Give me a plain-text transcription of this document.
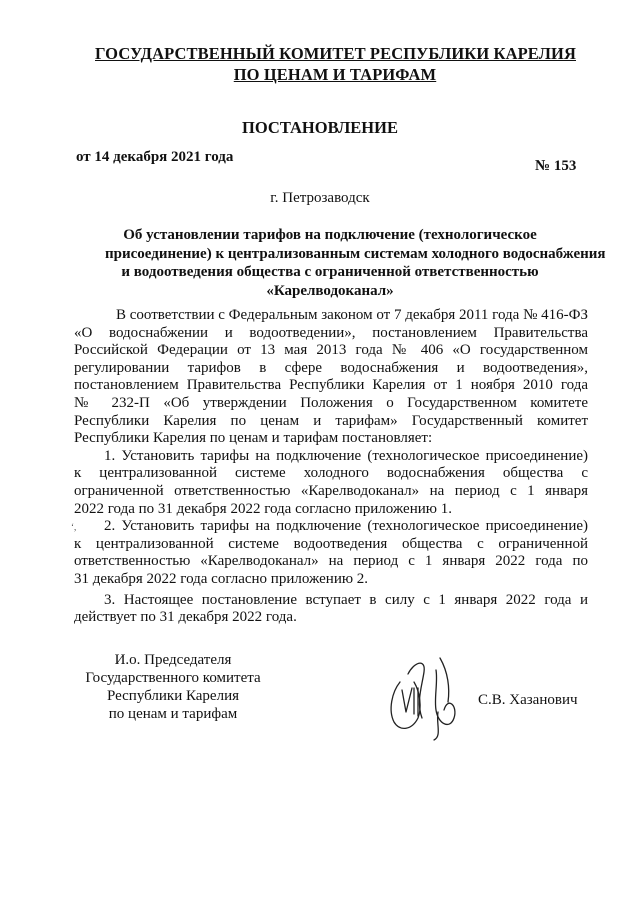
ГОСУДАРСТВЕННЫЙ КОМИТЕТ РЕСПУБЛИКИ КАРЕЛИЯ
ПО ЦЕНАМ И ТАРИФАМ
ПОСТАНОВЛЕНИЕ
от 14 декабря 2021 года
№ 153
г. Петрозаводск
Об установлении тарифов на подключение (технологическое
присоединение) к централизованным системам холодного водоснабжения
и водоотведения общества с ограниченной ответственностью
«Карелводоканал»
В соответствии с Федеральным законом от 7 декабря 2011 года № 416-ФЗ
«О водоснабжении и водоотведении», постановлением Правительства
Российской Федерации от 13 мая 2013 года № 406 «О государственном
регулировании тарифов в сфере водоснабжения и водоотведения»,
постановлением Правительства Республики Карелия от 1 ноября 2010 года
№ 232-П «Об утверждении Положения о Государственном комитете
Республики Карелия по ценам и тарифам» Государственный комитет
Республики Карелия по ценам и тарифам постановляет:
1. Установить тарифы на подключение (технологическое присоединение)
к централизованной системе холодного водоснабжения общества с
ограниченной ответственностью «Карелводоканал» на период с 1 января
2022 года по 31 декабря 2022 года согласно приложению 1.
2. Установить тарифы на подключение (технологическое присоединение)
к централизованной системе водоотведения общества с ограниченной
ответственностью «Карелводоканал» на период с 1 января 2022 года по
31 декабря 2022 года согласно приложению 2.
3. Настоящее постановление вступает в силу с 1 января 2022 года и
действует по 31 декабря 2022 года.
ʻ,
И.о. Председателя
Государственного комитета
Республики Карелия
по ценам и тарифам
С.В. Хазанович
